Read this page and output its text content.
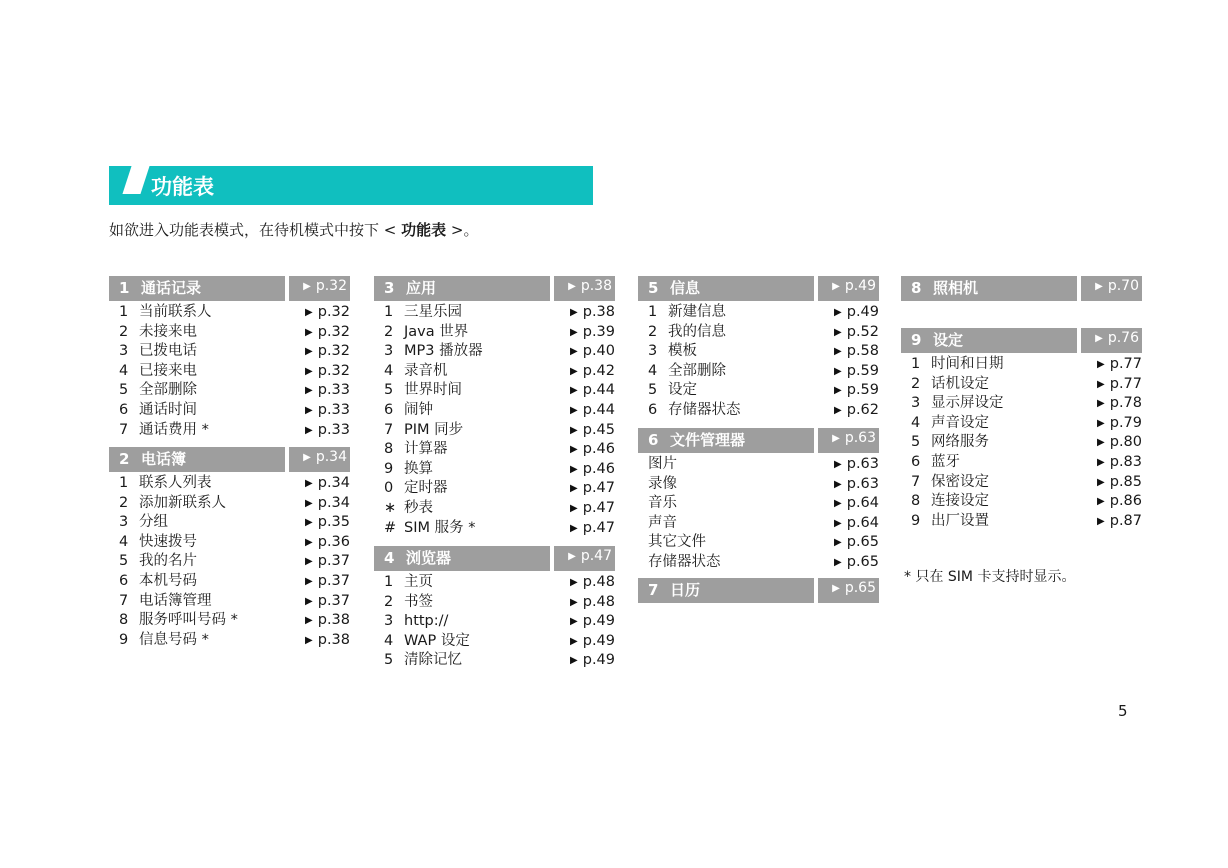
功能表
如欲进入功能表模式，在待机模式中按下 < 功能表 >。
1 通话记录	▶ p.32
1 当前联系人	▶ p.32
2 未接来电	▶ p.32
3 已拨电话	▶ p.32
4 已接来电	▶ p.32
5 全部删除	▶ p.33
6 通话时间	▶ p.33
7 通话费用 *	▶ p.33
2 电话簿	▶ p.34
1 联系人列表	▶ p.34
2 添加新联系人	▶ p.34
3 分组	▶ p.35
4 快速拨号	▶ p.36
5 我的名片	▶ p.37
6 本机号码	▶ p.37
7 电话簿管理	▶ p.37
8 服务呼叫号码 *	▶ p.38
9 信息号码 *	▶ p.38
3 应用	▶ p.38
1 三星乐园	▶ p.38
2 Java 世界	▶ p.39
3 MP3 播放器	▶ p.40
4 录音机	▶ p.42
5 世界时间	▶ p.44
6 闹钟	▶ p.44
7 PIM 同步	▶ p.45
8 计算器	▶ p.46
9 换算	▶ p.46
0 定时器	▶ p.47
∗ 秒表	▶ p.47
# SIM 服务 *	▶ p.47
4 浏览器	▶ p.47
1 主页	▶ p.48
2 书签	▶ p.48
3 http://	▶ p.49
4 WAP 设定	▶ p.49
5 清除记忆	▶ p.49
5 信息	▶ p.49
1 新建信息	▶ p.49
2 我的信息	▶ p.52
3 模板	▶ p.58
4 全部删除	▶ p.59
5 设定	▶ p.59
6 存储器状态	▶ p.62
6 文件管理器	▶ p.63
图片	▶ p.63
录像	▶ p.63
音乐	▶ p.64
声音	▶ p.64
其它文件	▶ p.65
存储器状态	▶ p.65
7 日历	▶ p.65
8 照相机	▶ p.70
9 设定	▶ p.76
1 时间和日期	▶ p.77
2 话机设定	▶ p.77
3 显示屏设定	▶ p.78
4 声音设定	▶ p.79
5 网络服务	▶ p.80
6 蓝牙	▶ p.83
7 保密设定	▶ p.85
8 连接设定	▶ p.86
9 出厂设置	▶ p.87
* 只在 SIM 卡支持时显示。
5
